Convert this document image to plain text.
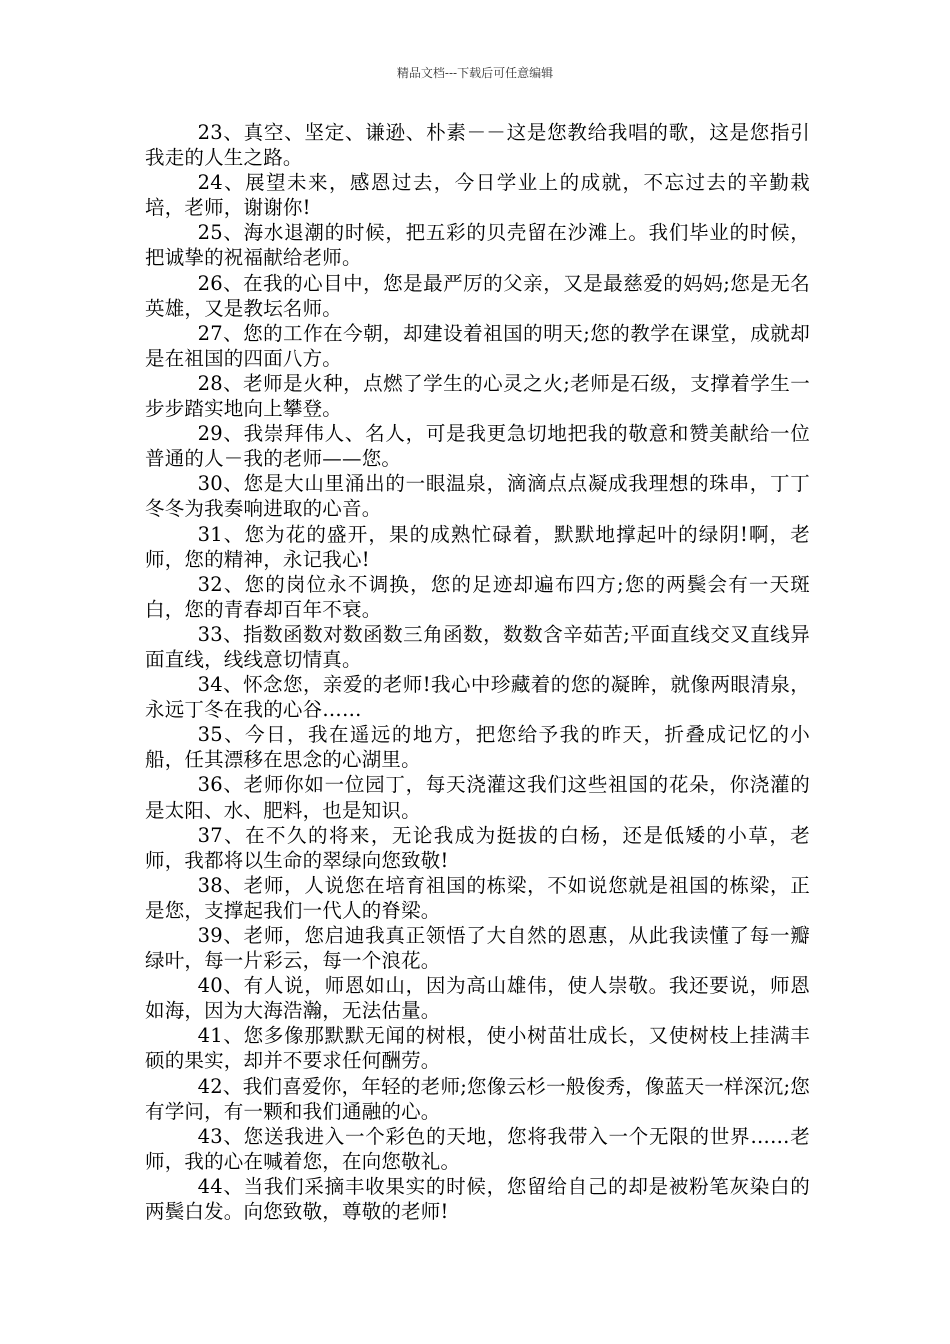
精品文档---下载后可任意编辑

23、真空、坚定、谦逊、朴素－－这是您教给我唱的歌，这是您指引我走的人生之路。

24、展望未来，感恩过去，今日学业上的成就，不忘过去的辛勤栽培，老师，谢谢你!

25、海水退潮的时候，把五彩的贝壳留在沙滩上。我们毕业的时候，把诚挚的祝福献给老师。

26、在我的心目中，您是最严厉的父亲，又是最慈爱的妈妈;您是无名英雄，又是教坛名师。

27、您的工作在今朝，却建设着祖国的明天;您的教学在课堂，成就却是在祖国的四面八方。

28、老师是火种，点燃了学生的心灵之火;老师是石级，支撑着学生一步步踏实地向上攀登。

29、我崇拜伟人、名人，可是我更急切地把我的敬意和赞美献给一位普通的人－我的老师——您。

30、您是大山里涌出的一眼温泉，滴滴点点凝成我理想的珠串，丁丁冬冬为我奏响进取的心音。

31、您为花的盛开，果的成熟忙碌着，默默地撑起叶的绿阴!啊，老师，您的精神，永记我心!

32、您的岗位永不调换，您的足迹却遍布四方;您的两鬓会有一天斑白，您的青春却百年不衰。

33、指数函数对数函数三角函数，数数含辛茹苦;平面直线交叉直线异面直线，线线意切情真。

34、怀念您，亲爱的老师!我心中珍藏着的您的凝眸，就像两眼清泉，永远丁冬在我的心谷……

35、今日，我在遥远的地方，把您给予我的昨天，折叠成记忆的小船，任其漂移在思念的心湖里。

36、老师你如一位园丁，每天浇灌这我们这些祖国的花朵，你浇灌的是太阳、水、肥料，也是知识。

37、在不久的将来，无论我成为挺拔的白杨，还是低矮的小草，老师，我都将以生命的翠绿向您致敬!

38、老师，人说您在培育祖国的栋梁，不如说您就是祖国的栋梁，正是您，支撑起我们一代人的脊梁。

39、老师，您启迪我真正领悟了大自然的恩惠，从此我读懂了每一瓣绿叶，每一片彩云，每一个浪花。

40、有人说，师恩如山，因为高山雄伟，使人崇敬。我还要说，师恩如海，因为大海浩瀚，无法估量。

41、您多像那默默无闻的树根，使小树苗壮成长，又使树枝上挂满丰硕的果实，却并不要求任何酬劳。

42、我们喜爱你，年轻的老师;您像云杉一般俊秀，像蓝天一样深沉;您有学问，有一颗和我们通融的心。

43、您送我进入一个彩色的天地，您将我带入一个无限的世界……老师，我的心在喊着您，在向您敬礼。

44、当我们采摘丰收果实的时候，您留给自己的却是被粉笔灰染白的两鬓白发。向您致敬，尊敬的老师!
